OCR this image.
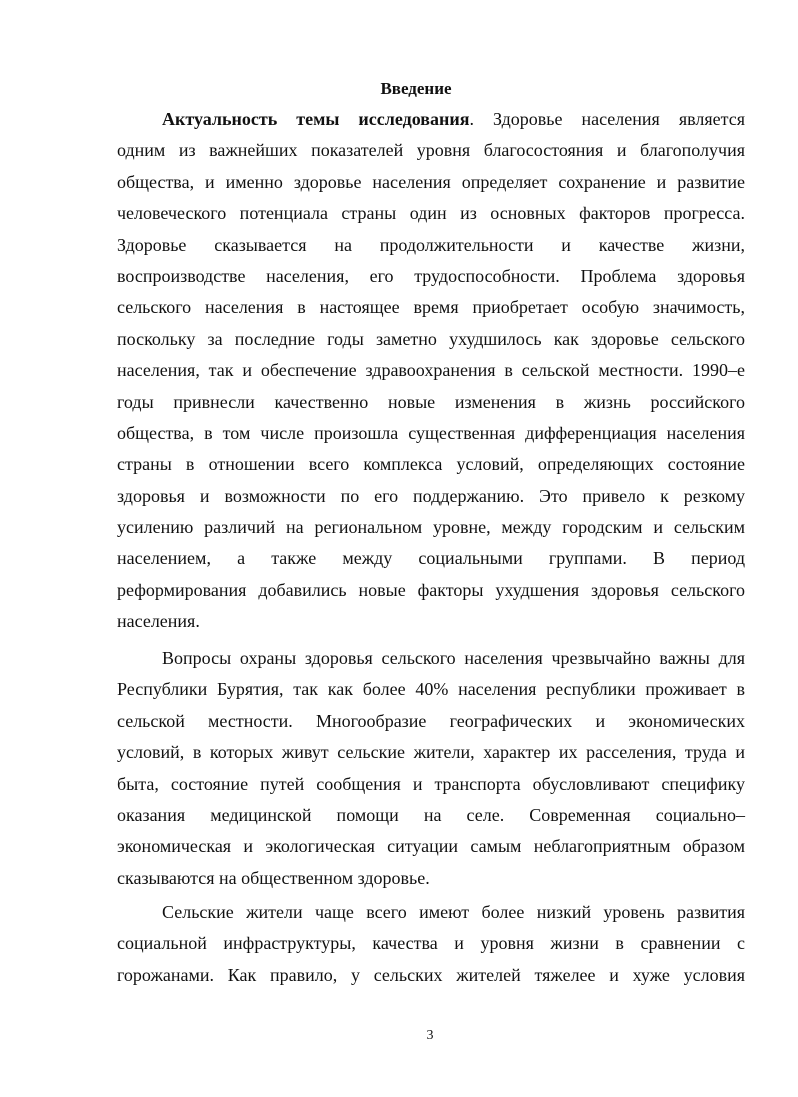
Введение
Актуальность темы исследования. Здоровье населения является
одним из важнейших показателей уровня благосостояния и благополучия
общества, и именно здоровье населения определяет сохранение и развитие
человеческого потенциала страны один из основных факторов прогресса.
Здоровье сказывается на продолжительности и качестве жизни,
воспроизводстве населения, его трудоспособности. Проблема здоровья
сельского населения в настоящее время приобретает особую значимость,
поскольку за последние годы заметно ухудшилось как здоровье сельского
населения, так и обеспечение здравоохранения в сельской местности. 1990–е
годы привнесли качественно новые изменения в жизнь российского
общества, в том числе произошла существенная дифференциация населения
страны в отношении всего комплекса условий, определяющих состояние
здоровья и возможности по его поддержанию. Это привело к резкому
усилению различий на региональном уровне, между городским и сельским
населением, а также между социальными группами. В период
реформирования добавились новые факторы ухудшения здоровья сельского
населения.
Вопросы охраны здоровья сельского населения чрезвычайно важны для
Республики Бурятия, так как более 40% населения республики проживает в
сельской местности. Многообразие географических и экономических
условий, в которых живут сельские жители, характер их расселения, труда и
быта, состояние путей сообщения и транспорта обусловливают специфику
оказания медицинской помощи на селе. Современная социально–
экономическая и экологическая ситуации самым неблагоприятным образом
сказываются на общественном здоровье.
Сельские жители чаще всего имеют более низкий уровень развития
социальной инфраструктуры, качества и уровня жизни в сравнении с
горожанами. Как правило, у сельских жителей тяжелее и хуже условия
3
